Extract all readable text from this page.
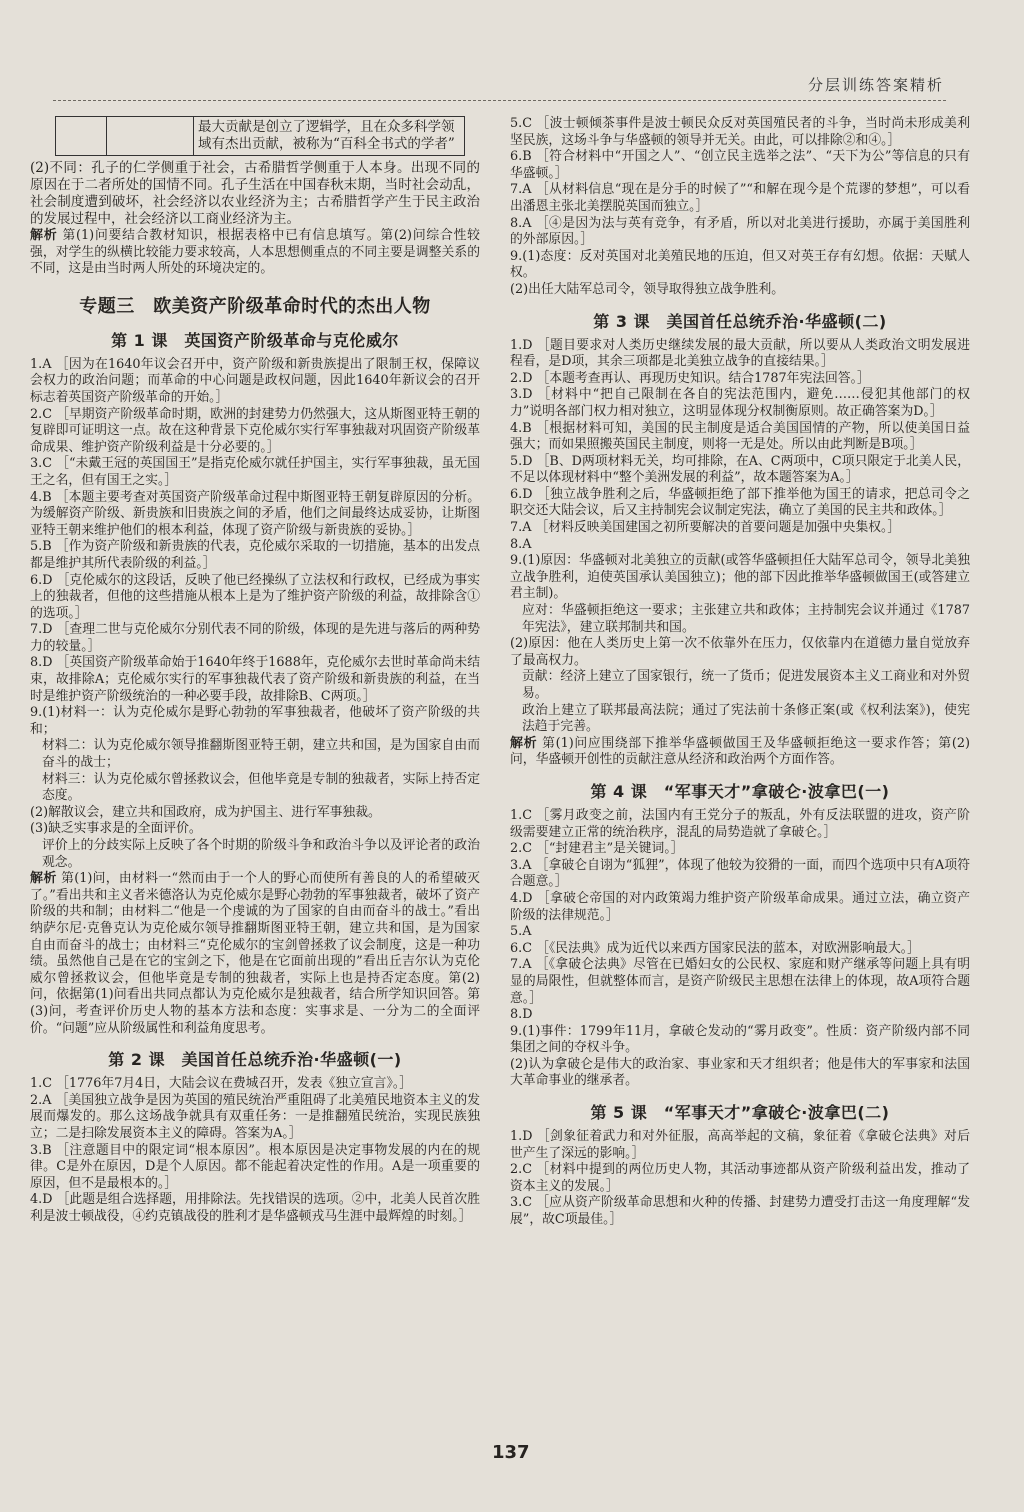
分层训练答案精析
		最大贡献是创立了逻辑学，且在众多科学领域有杰出贡献，被称为“百科全书式的学者”

(2)不同：孔子的仁学侧重于社会，古希腊哲学侧重于人本身。出现不同的原因在于二者所处的国情不同。孔子生活在中国春秋末期，当时社会动乱，社会制度遭到破坏，社会经济以农业经济为主；古希腊哲学产生于民主政治的发展过程中，社会经济以工商业经济为主。

解析 第(1)问要结合教材知识，根据表格中已有信息填写。第(2)问综合性较强，对学生的纵横比较能力要求较高，人本思想侧重点的不同主要是调整关系的不同，这是由当时两人所处的环境决定的。

专题三　欧美资产阶级革命时代的杰出人物
第 1 课　英国资产阶级革命与克伦威尔

1.A ［因为在1640年议会召开中，资产阶级和新贵族提出了限制王权，保障议会权力的政治问题；而革命的中心问题是政权问题，因此1640年新议会的召开标志着英国资产阶级革命的开始。］

2.C ［早期资产阶级革命时期，欧洲的封建势力仍然强大，这从斯图亚特王朝的复辟即可证明这一点。故在这种背景下克伦威尔实行军事独裁对巩固资产阶级革命成果、维护资产阶级利益是十分必要的。］

3.C ［“未戴王冠的英国国王”是指克伦威尔就任护国主，实行军事独裁，虽无国王之名，但有国王之实。］

4.B ［本题主要考查对英国资产阶级革命过程中斯图亚特王朝复辟原因的分析。为缓解资产阶级、新贵族和旧贵族之间的矛盾，他们之间最终达成妥协，让斯图亚特王朝来维护他们的根本利益，体现了资产阶级与新贵族的妥协。］

5.B ［作为资产阶级和新贵族的代表，克伦威尔采取的一切措施，基本的出发点都是维护其所代表阶级的利益。］

6.D ［克伦威尔的这段话，反映了他已经操纵了立法权和行政权，已经成为事实上的独裁者，但他的这些措施从根本上是为了维护资产阶级的利益，故排除含①的选项。］

7.D ［查理二世与克伦威尔分别代表不同的阶级，体现的是先进与落后的两种势力的较量。］

8.D ［英国资产阶级革命始于1640年终于1688年，克伦威尔去世时革命尚未结束，故排除A；克伦威尔实行的军事独裁代表了资产阶级和新贵族的利益，在当时是维护资产阶级统治的一种必要手段，故排除B、C两项。］

9.(1)材料一：认为克伦威尔是野心勃勃的军事独裁者，他破坏了资产阶级的共和；

材料二：认为克伦威尔领导推翻斯图亚特王朝，建立共和国，是为国家自由而奋斗的战士；

材料三：认为克伦威尔曾拯救议会，但他毕竟是专制的独裁者，实际上持否定态度。

(2)解散议会，建立共和国政府，成为护国主、进行军事独裁。

(3)缺乏实事求是的全面评价。

评价上的分歧实际上反映了各个时期的阶级斗争和政治斗争以及评论者的政治观念。

解析 第(1)问，由材料一“然而由于一个人的野心而使所有善良的人的希望破灭了。”看出共和主义者米德洛认为克伦威尔是野心勃勃的军事独裁者，破坏了资产阶级的共和制；由材料二“他是一个虔诚的为了国家的自由而奋斗的战士。”看出纳萨尔尼·克鲁克认为克伦威尔领导推翻斯图亚特王朝，建立共和国，是为国家自由而奋斗的战士；由材料三“克伦威尔的宝剑曾拯救了议会制度，这是一种功绩。虽然他自己是在它的宝剑之下，他是在它面前出现的”看出丘吉尔认为克伦威尔曾拯救议会，但他毕竟是专制的独裁者，实际上也是持否定态度。第(2)问，依据第(1)问看出共同点都认为克伦威尔是独裁者，结合所学知识回答。第(3)问，考查评价历史人物的基本方法和态度：实事求是、一分为二的全面评价。“问题”应从阶级属性和利益角度思考。

第 2 课　美国首任总统乔治·华盛顿(一)

1.C ［1776年7月4日，大陆会议在费城召开，发表《独立宣言》。］

2.A ［美国独立战争是因为英国的殖民统治严重阻碍了北美殖民地资本主义的发展而爆发的。那么这场战争就具有双重任务：一是推翻殖民统治，实现民族独立；二是扫除发展资本主义的障碍。答案为A。］

3.B ［注意题目中的限定词“根本原因”。根本原因是决定事物发展的内在的规律。C是外在原因，D是个人原因。都不能起着决定性的作用。A是一项重要的原因，但不是最根本的。］

4.D ［此题是组合选择题，用排除法。先找错误的选项。②中，北美人民首次胜利是波士顿战役，④约克镇战役的胜利才是华盛顿戎马生涯中最辉煌的时刻。］

5.C ［波士顿倾茶事件是波士顿民众反对英国殖民者的斗争，当时尚未形成美利坚民族，这场斗争与华盛顿的领导并无关。由此，可以排除②和④。］

6.B ［符合材料中“开国之人”、“创立民主选举之法”、“天下为公”等信息的只有华盛顿。］

7.A ［从材料信息“现在是分手的时候了”“和解在现今是个荒谬的梦想”，可以看出潘恩主张北美摆脱英国而独立。］

8.A ［④是因为法与英有竞争，有矛盾，所以对北美进行援助，亦属于美国胜利的外部原因。］

9.(1)态度：反对英国对北美殖民地的压迫，但又对英王存有幻想。依据：天赋人权。

(2)出任大陆军总司令，领导取得独立战争胜利。

第 3 课　美国首任总统乔治·华盛顿(二)

1.D ［题目要求对人类历史继续发展的最大贡献，所以要从人类政治文明发展进程看，是D项，其余三项都是北美独立战争的直接结果。］

2.D ［本题考查再认、再现历史知识。结合1787年宪法回答。］

3.D ［材料中“把自己限制在各自的宪法范围内，避免……侵犯其他部门的权力”说明各部门权力相对独立，这明显体现分权制衡原则。故正确答案为D。］

4.B ［根据材料可知，美国的民主制度是适合美国国情的产物，所以使美国日益强大；而如果照搬英国民主制度，则将一无是处。所以由此判断是B项。］

5.D ［B、D两项材料无关，均可排除，在A、C两项中，C项只限定于北美人民，不足以体现材料中“整个美洲发展的利益”，故本题答案为A。］

6.D ［独立战争胜利之后，华盛顿拒绝了部下推举他为国王的请求，把总司令之职交还大陆会议，后又主持制宪会议制定宪法，确立了美国的民主共和政体。］

7.A ［材料反映美国建国之初所要解决的首要问题是加强中央集权。］

8.A

9.(1)原因：华盛顿对北美独立的贡献(或答华盛顿担任大陆军总司令，领导北美独立战争胜利，迫使英国承认美国独立)；他的部下因此推举华盛顿做国王(或答建立君主制)。

应对：华盛顿拒绝这一要求；主张建立共和政体；主持制宪会议并通过《1787年宪法》，建立联邦制共和国。

(2)原因：他在人类历史上第一次不依靠外在压力，仅依靠内在道德力量自觉放弃了最高权力。

贡献：经济上建立了国家银行，统一了货币；促进发展资本主义工商业和对外贸易。

政治上建立了联邦最高法院；通过了宪法前十条修正案(或《权利法案》)，使宪法趋于完善。

解析 第(1)问应围绕部下推举华盛顿做国王及华盛顿拒绝这一要求作答；第(2)问，华盛顿开创性的贡献注意从经济和政治两个方面作答。

第 4 课　“军事天才”拿破仑·波拿巴(一)

1.C ［雾月政变之前，法国内有王党分子的叛乱，外有反法联盟的进攻，资产阶级需要建立正常的统治秩序，混乱的局势造就了拿破仑。］

2.C ［“封建君主”是关键词。］

3.A ［拿破仑自诩为“狐狸”，体现了他较为狡猾的一面，而四个选项中只有A项符合题意。］

4.D ［拿破仑帝国的对内政策竭力维护资产阶级革命成果。通过立法，确立资产阶级的法律规范。］

5.A

6.C ［《民法典》成为近代以来西方国家民法的蓝本，对欧洲影响最大。］

7.A ［《拿破仑法典》尽管在已婚妇女的公民权、家庭和财产继承等问题上具有明显的局限性，但就整体而言，是资产阶级民主思想在法律上的体现，故A项符合题意。］

8.D

9.(1)事件：1799年11月，拿破仑发动的“雾月政变”。性质：资产阶级内部不同集团之间的夺权斗争。

(2)认为拿破仑是伟大的政治家、事业家和天才组织者；他是伟大的军事家和法国大革命事业的继承者。

第 5 课　“军事天才”拿破仑·波拿巴(二)

1.D ［剑象征着武力和对外征服，高高举起的文稿，象征着《拿破仑法典》对后世产生了深远的影响。］

2.C ［材料中提到的两位历史人物，其活动事迹都从资产阶级利益出发，推动了资本主义的发展。］

3.C ［应从资产阶级革命思想和火种的传播、封建势力遭受打击这一角度理解“发展”，故C项最佳。］

137
